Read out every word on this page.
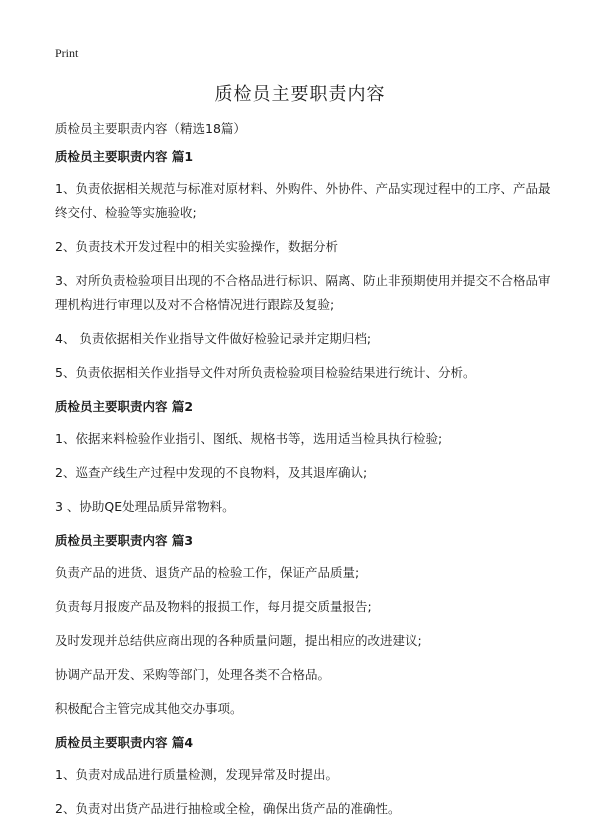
Print
质检员主要职责内容

质检员主要职责内容（精选18篇）

质检员主要职责内容 篇1

1、负责依据相关规范与标准对原材料、外购件、外协件、产品实现过程中的工序、产品最终交付、检验等实施验收;

2、负责技术开发过程中的相关实验操作，数据分析

3、对所负责检验项目出现的不合格品进行标识、隔离、防止非预期使用并提交不合格品审理机构进行审理以及对不合格情况进行跟踪及复验;

4、 负责依据相关作业指导文件做好检验记录并定期归档;

5、负责依据相关作业指导文件对所负责检验项目检验结果进行统计、分析。

质检员主要职责内容 篇2

1、依据来料检验作业指引、图纸、规格书等，选用适当检具执行检验;

2、巡查产线生产过程中发现的不良物料，及其退库确认;

3 、协助QE处理品质异常物料。

质检员主要职责内容 篇3

负责产品的进货、退货产品的检验工作，保证产品质量;

负责每月报废产品及物料的报损工作，每月提交质量报告;

及时发现并总结供应商出现的各种质量问题，提出相应的改进建议;

协调产品开发、采购等部门，处理各类不合格品。

积极配合主管完成其他交办事项。

质检员主要职责内容 篇4

1、负责对成品进行质量检测，发现异常及时提出。

2、负责对出货产品进行抽检或全检，确保出货产品的准确性。
